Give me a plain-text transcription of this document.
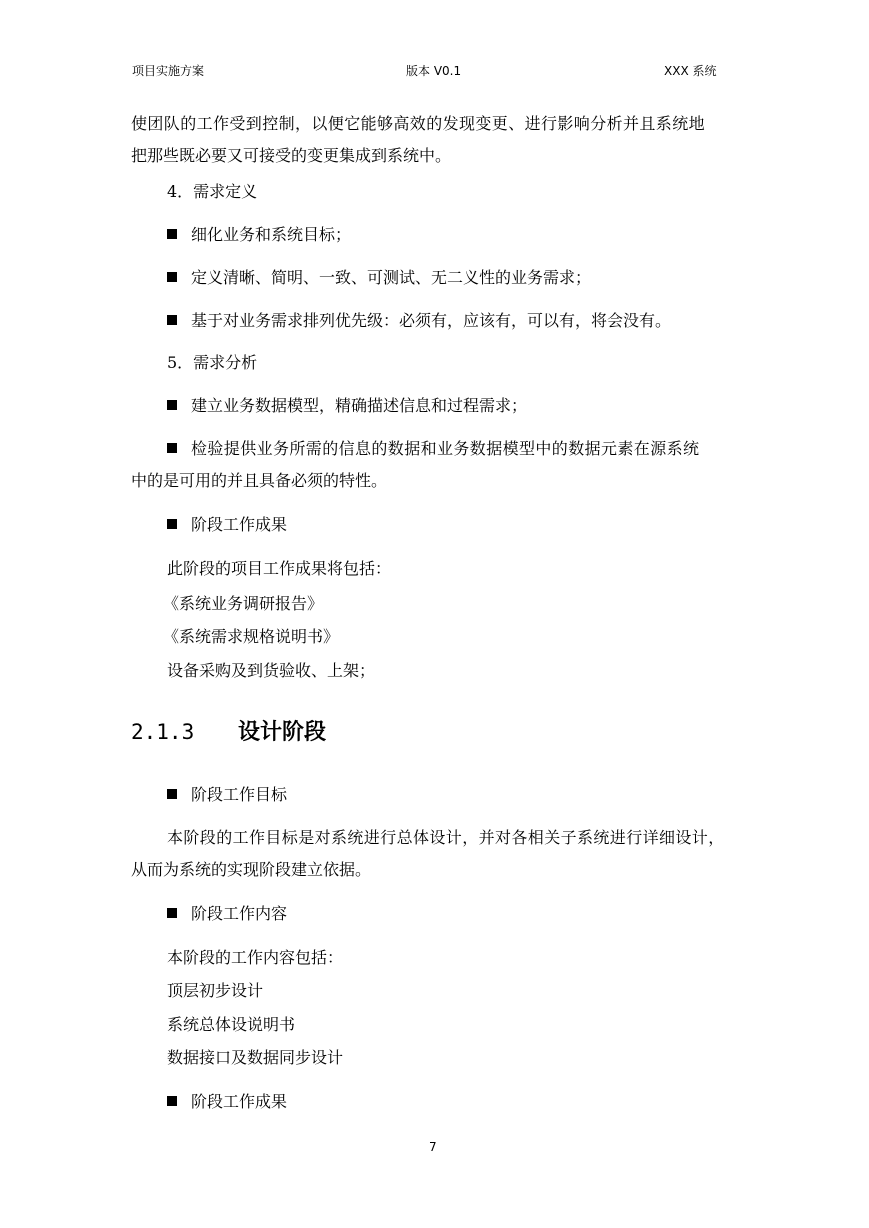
项目实施方案	版本 V0.1	XXX 系统
使团队的工作受到控制，以便它能够高效的发现变更、进行影响分析并且系统地
把那些既必要又可接受的变更集成到系统中。
4．需求定义
细化业务和系统目标；
定义清晰、简明、一致、可测试、无二义性的业务需求；
基于对业务需求排列优先级：必须有，应该有，可以有，将会没有。
5．需求分析
建立业务数据模型，精确描述信息和过程需求；
检验提供业务所需的信息的数据和业务数据模型中的数据元素在源系统
中的是可用的并且具备必须的特性。
阶段工作成果
此阶段的项目工作成果将包括：
《系统业务调研报告》
《系统需求规格说明书》
设备采购及到货验收、上架；
2.1.3 设计阶段
阶段工作目标
本阶段的工作目标是对系统进行总体设计，并对各相关子系统进行详细设计，
从而为系统的实现阶段建立依据。
阶段工作内容
本阶段的工作内容包括：
顶层初步设计
系统总体设说明书
数据接口及数据同步设计
阶段工作成果
7
